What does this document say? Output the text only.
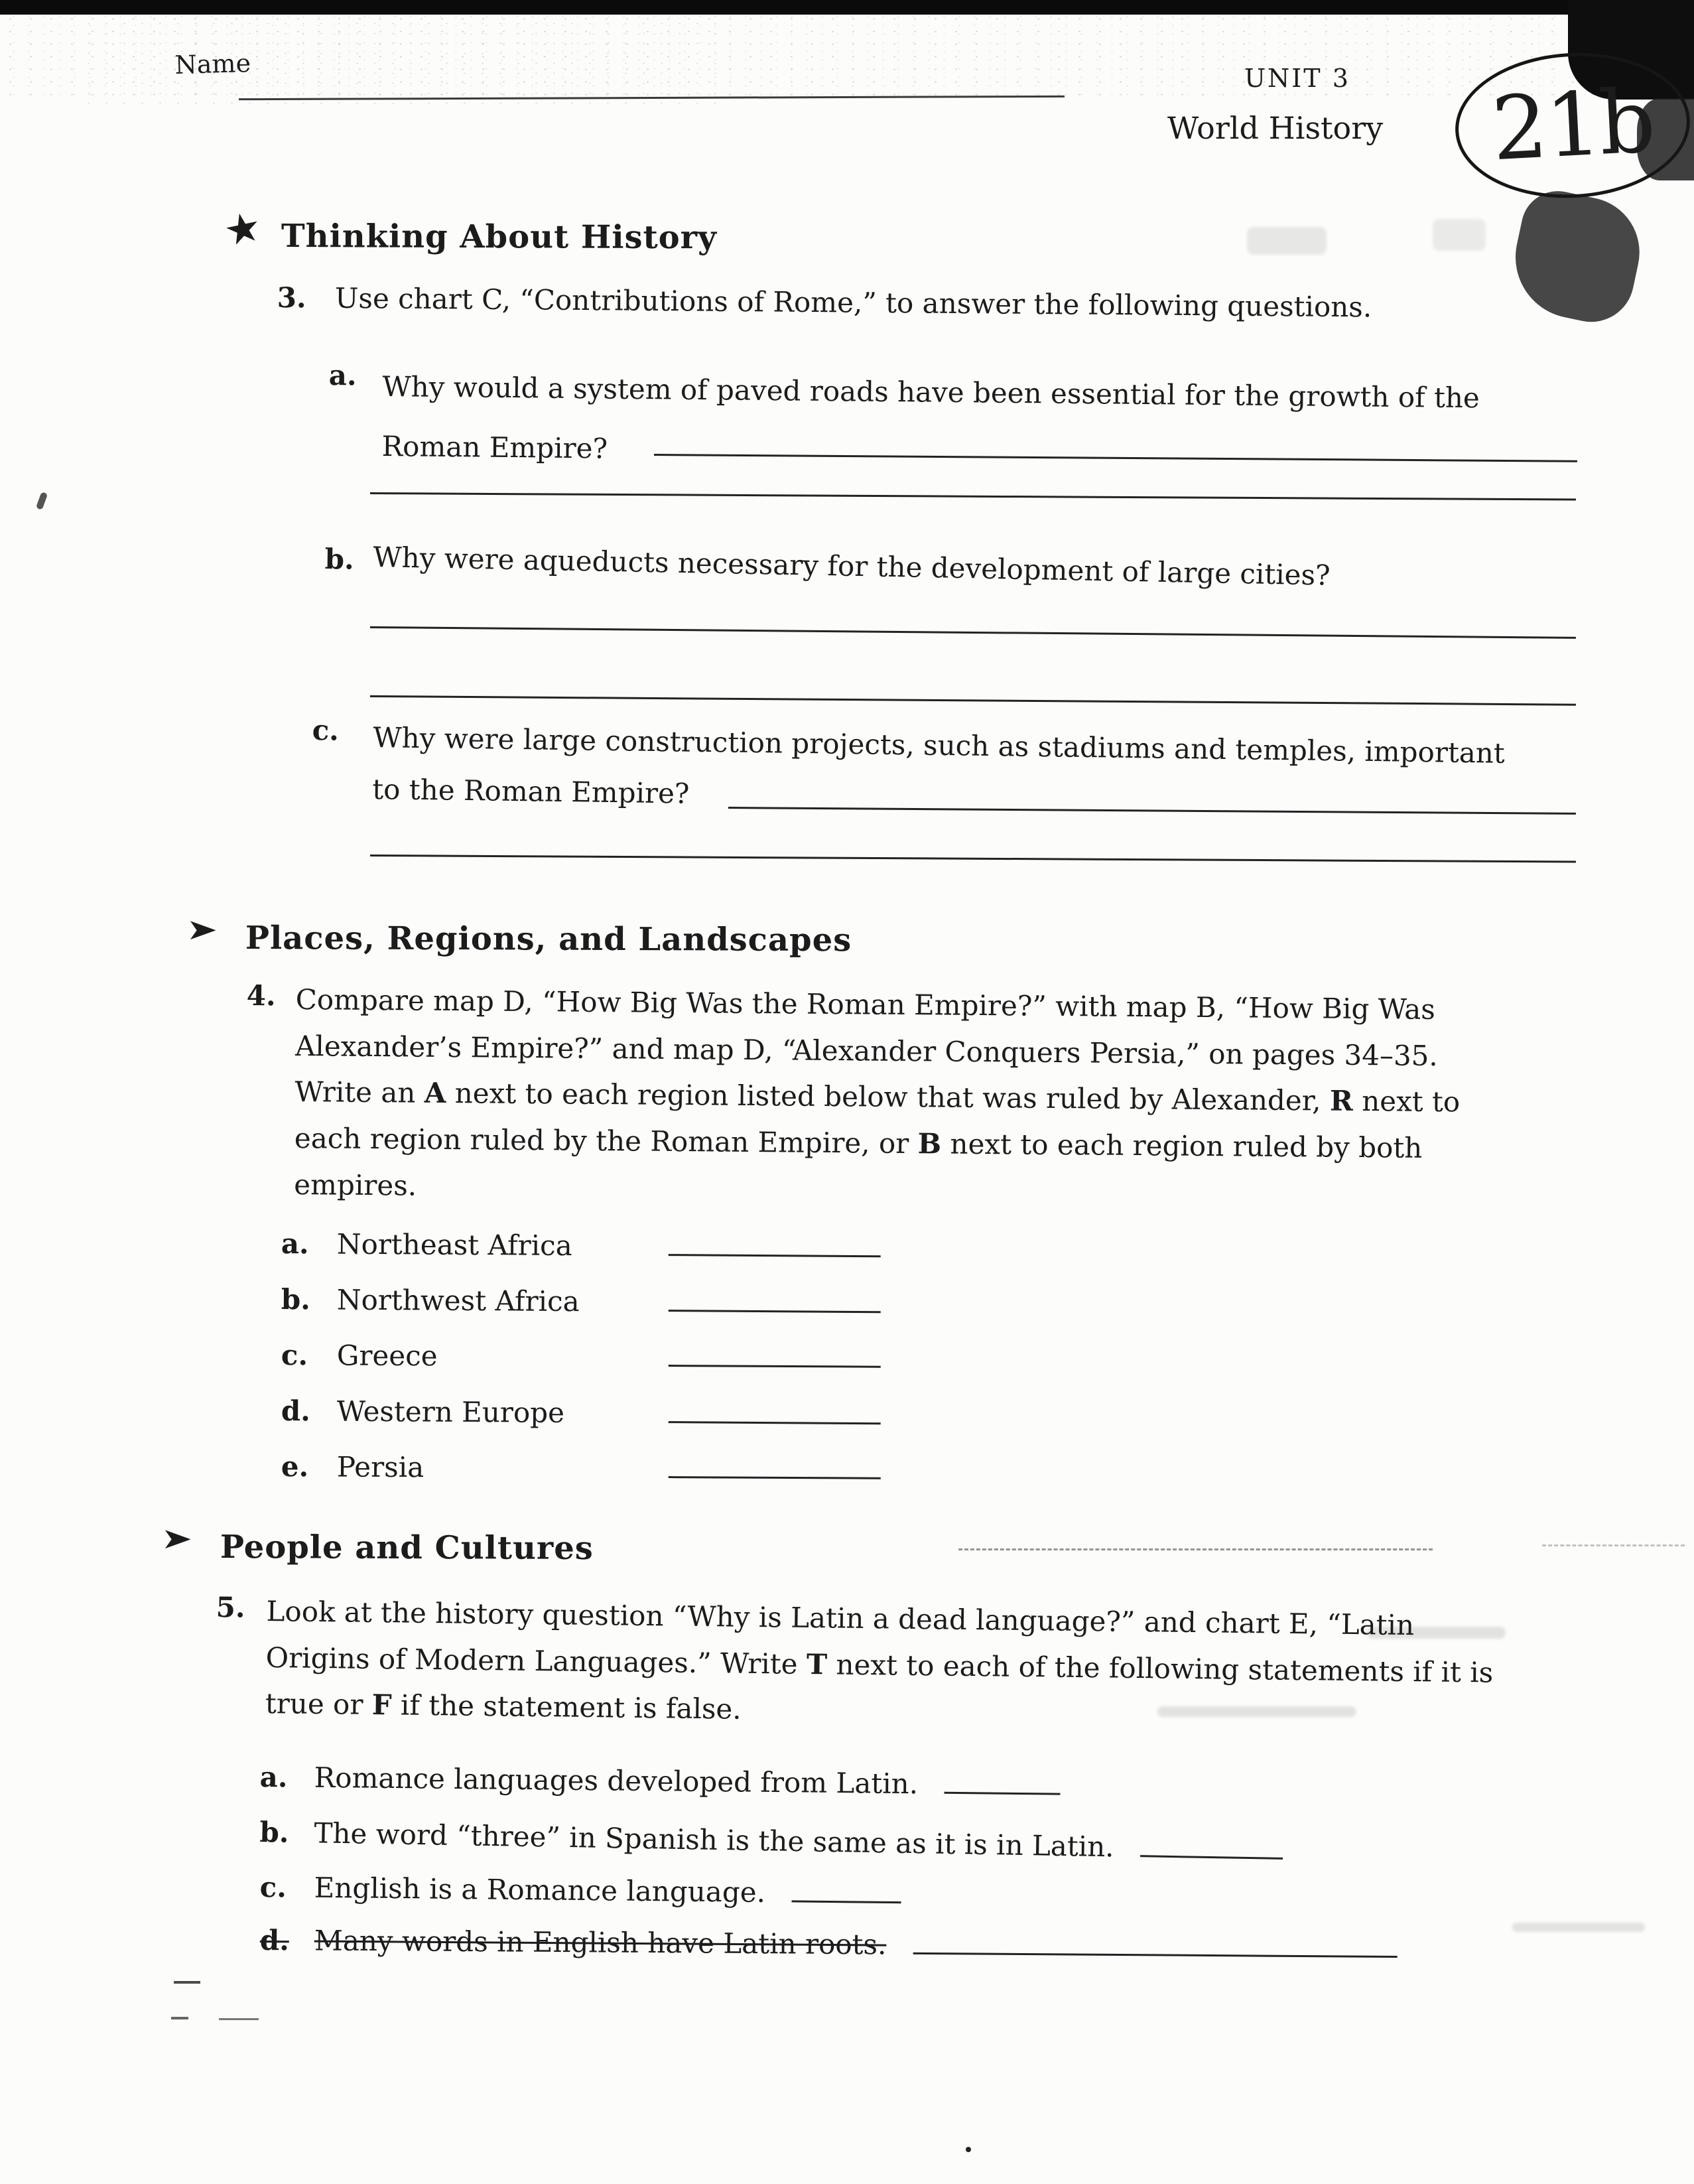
Name	UNIT 3
World History 21b
★ Thinking About History
3. Use chart C, “Contributions of Rome,” to answer the following questions.
a. Why would a system of paved roads have been essential for the growth of the Roman Empire?
b. Why were aqueducts necessary for the development of large cities?
c. Why were large construction projects, such as stadiums and temples, important to the Roman Empire?
➤ Places, Regions, and Landscapes
4. Compare map D, “How Big Was the Roman Empire?” with map B, “How Big Was Alexander’s Empire?” and map D, “Alexander Conquers Persia,” on pages 34–35. Write an A next to each region listed below that was ruled by Alexander, R next to each region ruled by the Roman Empire, or B next to each region ruled by both empires.
a. Northeast Africa
b. Northwest Africa
c. Greece
d. Western Europe
e. Persia
➤ People and Cultures
5. Look at the history question “Why is Latin a dead language?” and chart E, “Latin Origins of Modern Languages.” Write T next to each of the following statements if it is true or F if the statement is false.
a. Romance languages developed from Latin.
b. The word “three” in Spanish is the same as it is in Latin.
c. English is a Romance language.
d. Many words in English have Latin roots.
